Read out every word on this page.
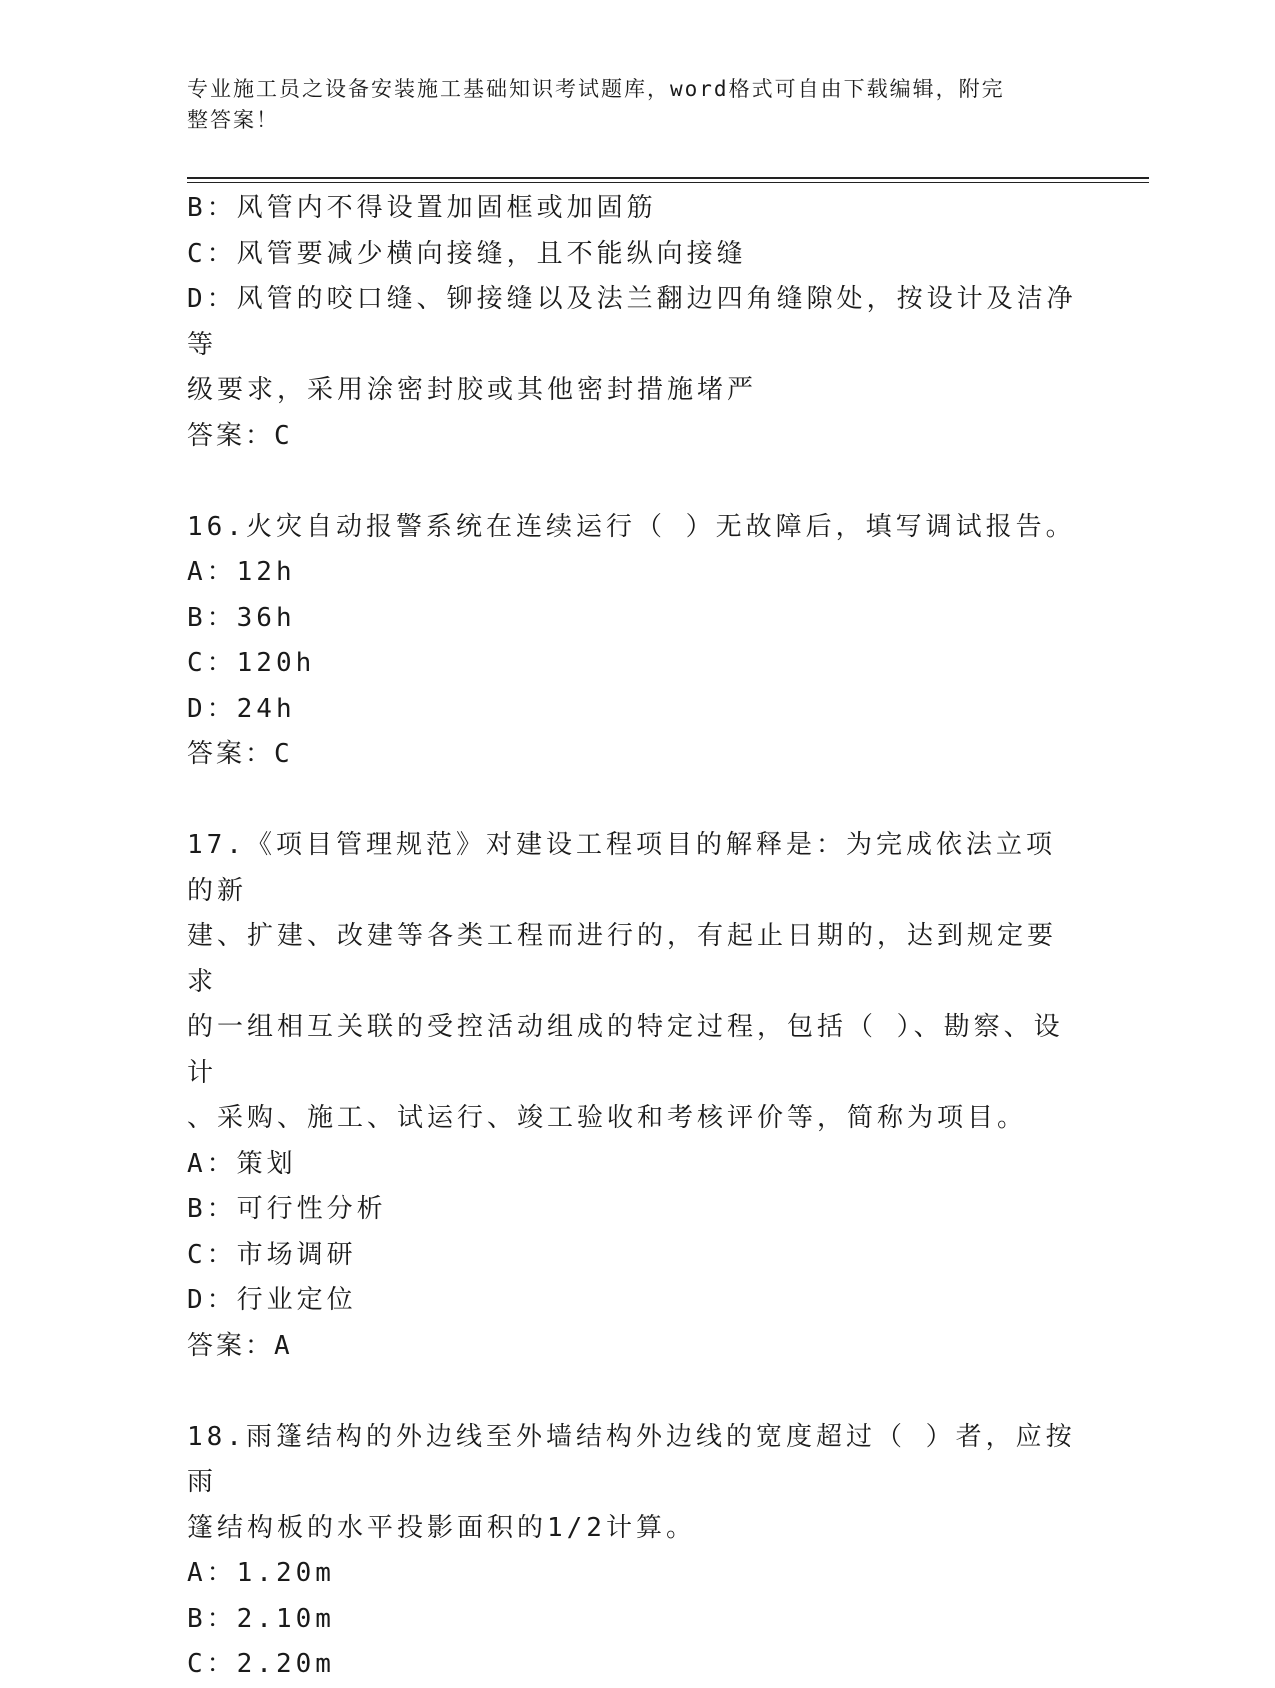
专业施工员之设备安装施工基础知识考试题库，word格式可自由下载编辑，附完
整答案！
B：风管内不得设置加固框或加固筋
C：风管要减少横向接缝，且不能纵向接缝
D：风管的咬口缝、铆接缝以及法兰翻边四角缝隙处，按设计及洁净等
级要求，采用涂密封胶或其他密封措施堵严
答案：C
16.火灾自动报警系统在连续运行（ ）无故障后，填写调试报告。
A：12h
B：36h
C：120h
D：24h
答案：C
17.《项目管理规范》对建设工程项目的解释是：为完成依法立项的新
建、扩建、改建等各类工程而进行的，有起止日期的，达到规定要求
的一组相互关联的受控活动组成的特定过程，包括（ ）、勘察、设计
、采购、施工、试运行、竣工验收和考核评价等，简称为项目。
A：策划
B：可行性分析
C：市场调研
D：行业定位
答案：A
18.雨篷结构的外边线至外墙结构外边线的宽度超过（ ）者，应按雨
篷结构板的水平投影面积的1/2计算。
A：1.20m
B：2.10m
C：2.20m
